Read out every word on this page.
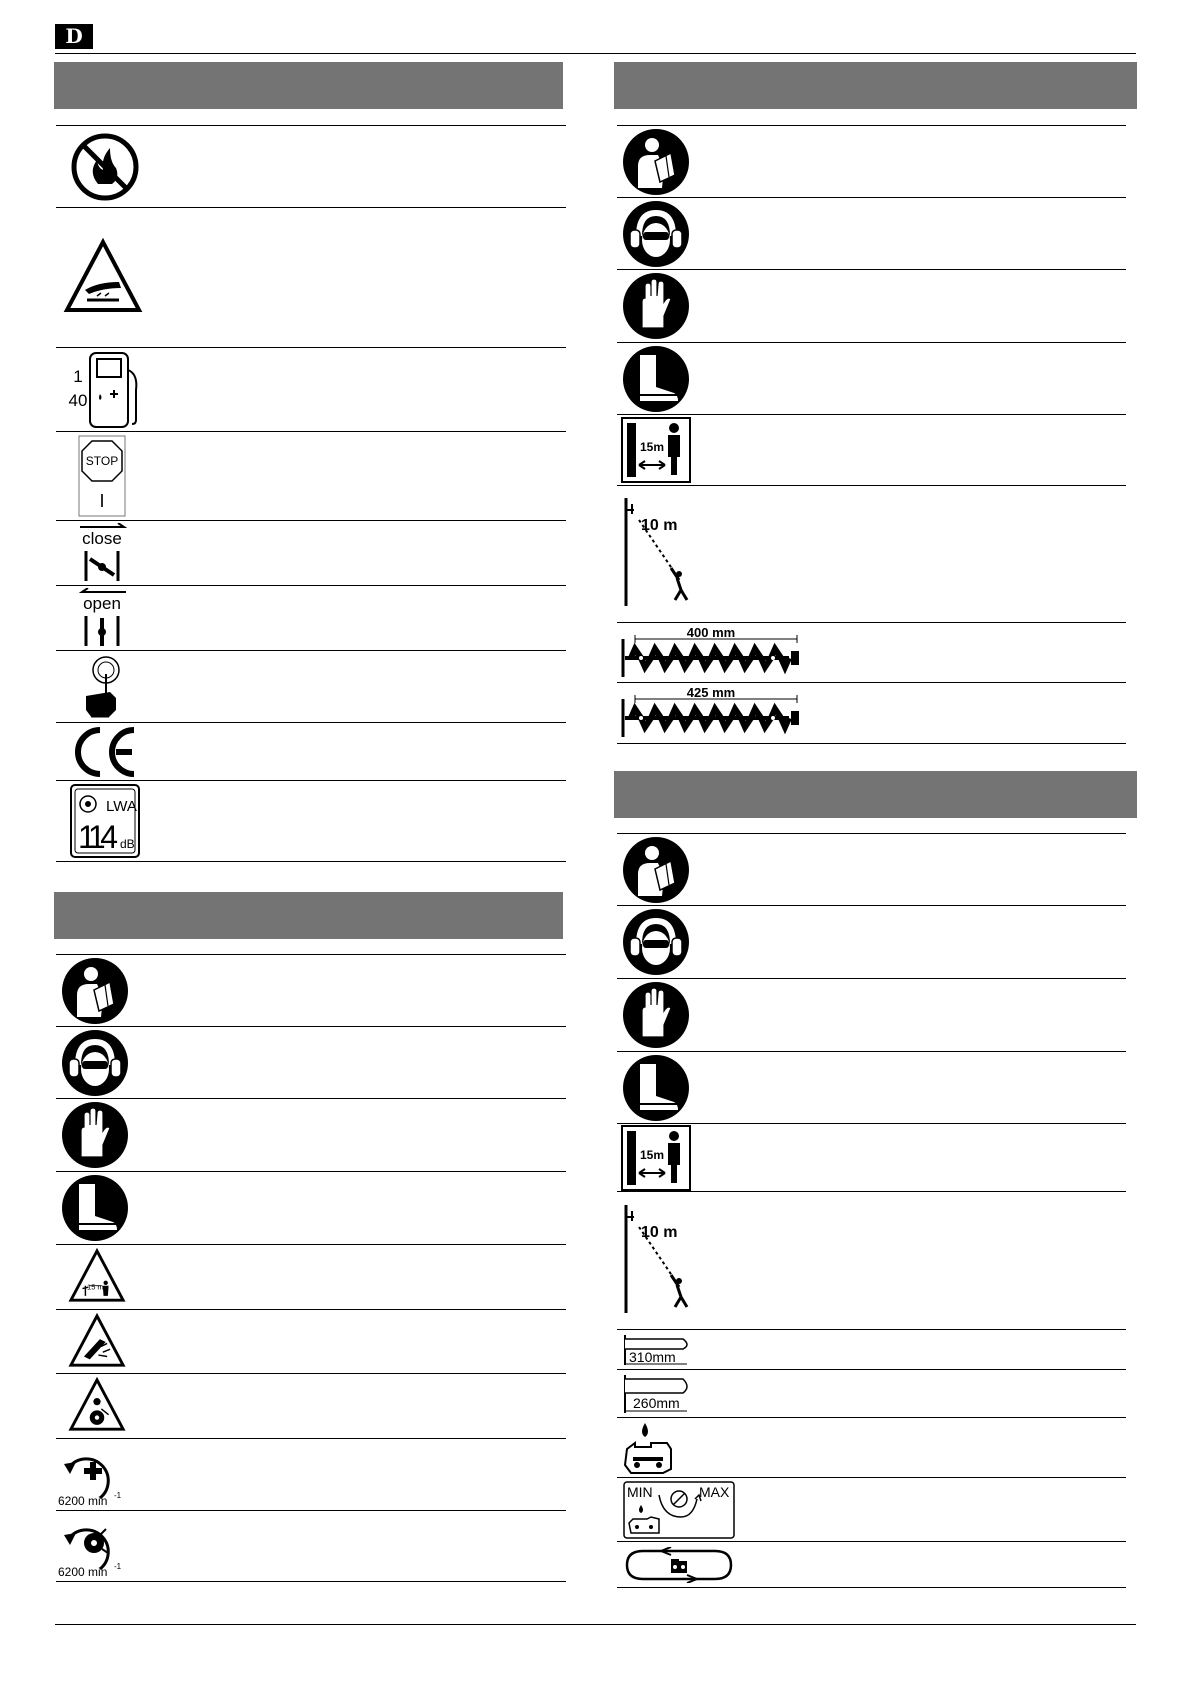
D
1
40
STOP
I
close
open
CE
LWA
114 dB
15 m
6200 min -1
6200 min -1
15m
10 m
400 mm
425 mm
15m
10 m
310mm
260mm
MIN	MAX
